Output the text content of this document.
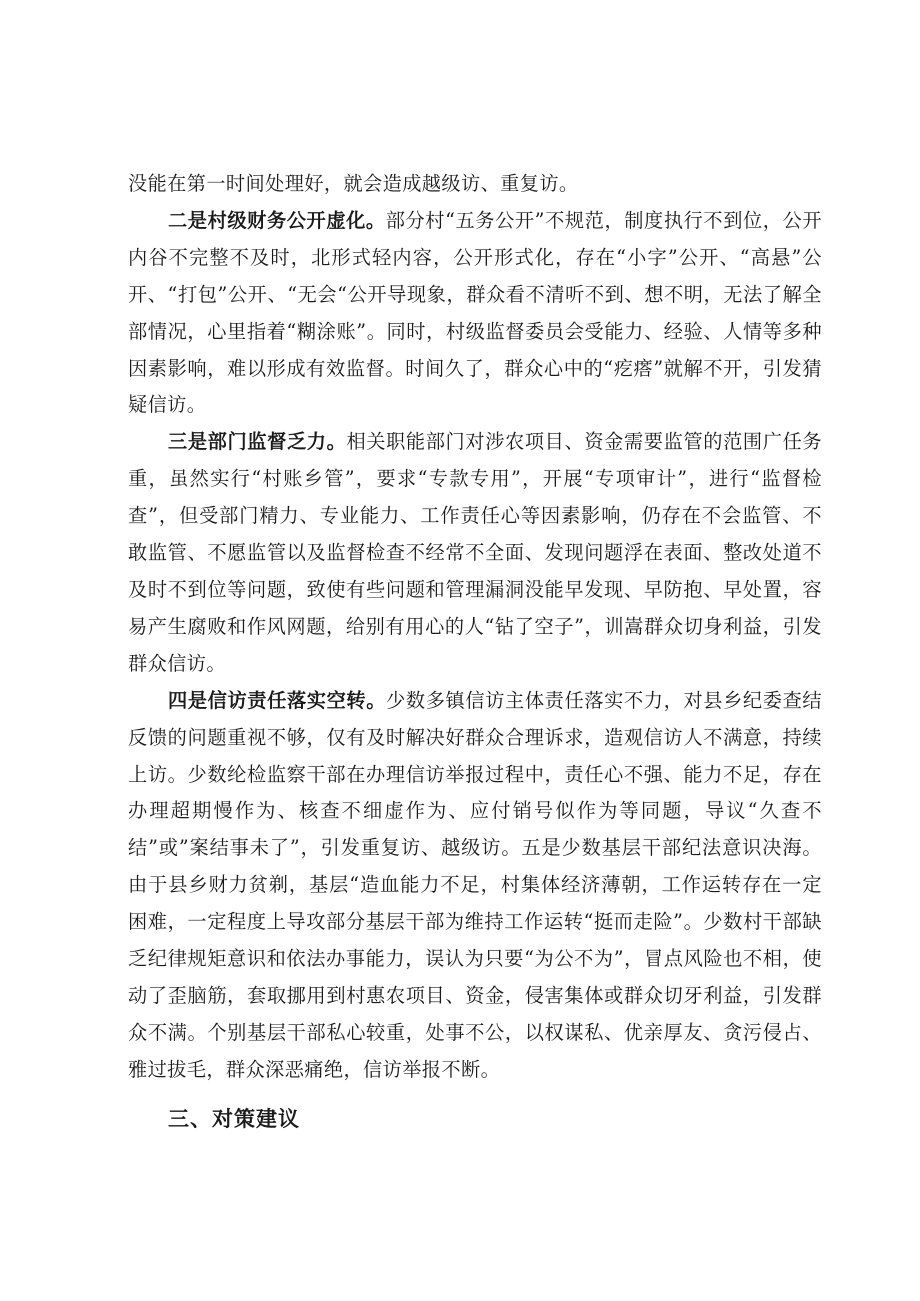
没能在第一时间处理好，就会造成越级访、重复访。

二是村级财务公开虚化。部分村“五务公开”不规范，制度执行不到位，公开内谷不完整不及时，北形式轻内容，公开形式化，存在“小字”公开、“高悬”公开、“打包”公开、“无会“公开导现象，群众看不清听不到、想不明，无法了解全部情况，心里指着“糊涂账”。同时，村级监督委员会受能力、经验、人情等多种因素影响，难以形成有效监督。时间久了，群众心中的“疙瘩”就解不开，引发猜疑信访。

三是部门监督乏力。相关职能部门对涉农项目、资金需要监管的范围广任务重，虽然实行“村账乡管”，要求“专款专用”，开展“专项审计”，进行“监督检查”，但受部门精力、专业能力、工作责任心等因素影响，仍存在不会监管、不敢监管、不愿监管以及监督检查不经常不全面、发现问题浮在表面、整改处道不及时不到位等问题，致使有些问题和管理漏洞没能早发现、早防抱、早处置，容易产生腐败和作风网题，给别有用心的人“钻了空子”，训嵩群众切身利益，引发群众信访。

四是信访责任落实空转。少数多镇信访主体责任落实不力，对县乡纪委查结反馈的问题重视不够，仅有及时解决好群众合理诉求，造观信访人不满意，持续上访。少数纶检监察干部在办理信访举报过程中，责任心不强、能力不足，存在办理超期慢作为、核查不细虚作为、应付销号似作为等同题，导议“久查不结”或”案结事未了”，引发重复访、越级访。五是少数基层干部纪法意识决海。由于县乡财力贫剃，基层“造血能力不足，村集体经济薄朝，工作运转存在一定困难，一定程度上导攻部分基层干部为维持工作运转“挺而走险”。少数村干部缺乏纪律规矩意识和依法办事能力，误认为只要“为公不为”，冒点风险也不相，使动了歪脑筋，套取挪用到村惠农项目、资金，侵害集体或群众切牙利益，引发群众不满。个别基层干部私心较重，处事不公，以权谋私、优亲厚友、贪污侵占、雅过拔毛，群众深恶痛绝，信访举报不断。

三、对策建议
